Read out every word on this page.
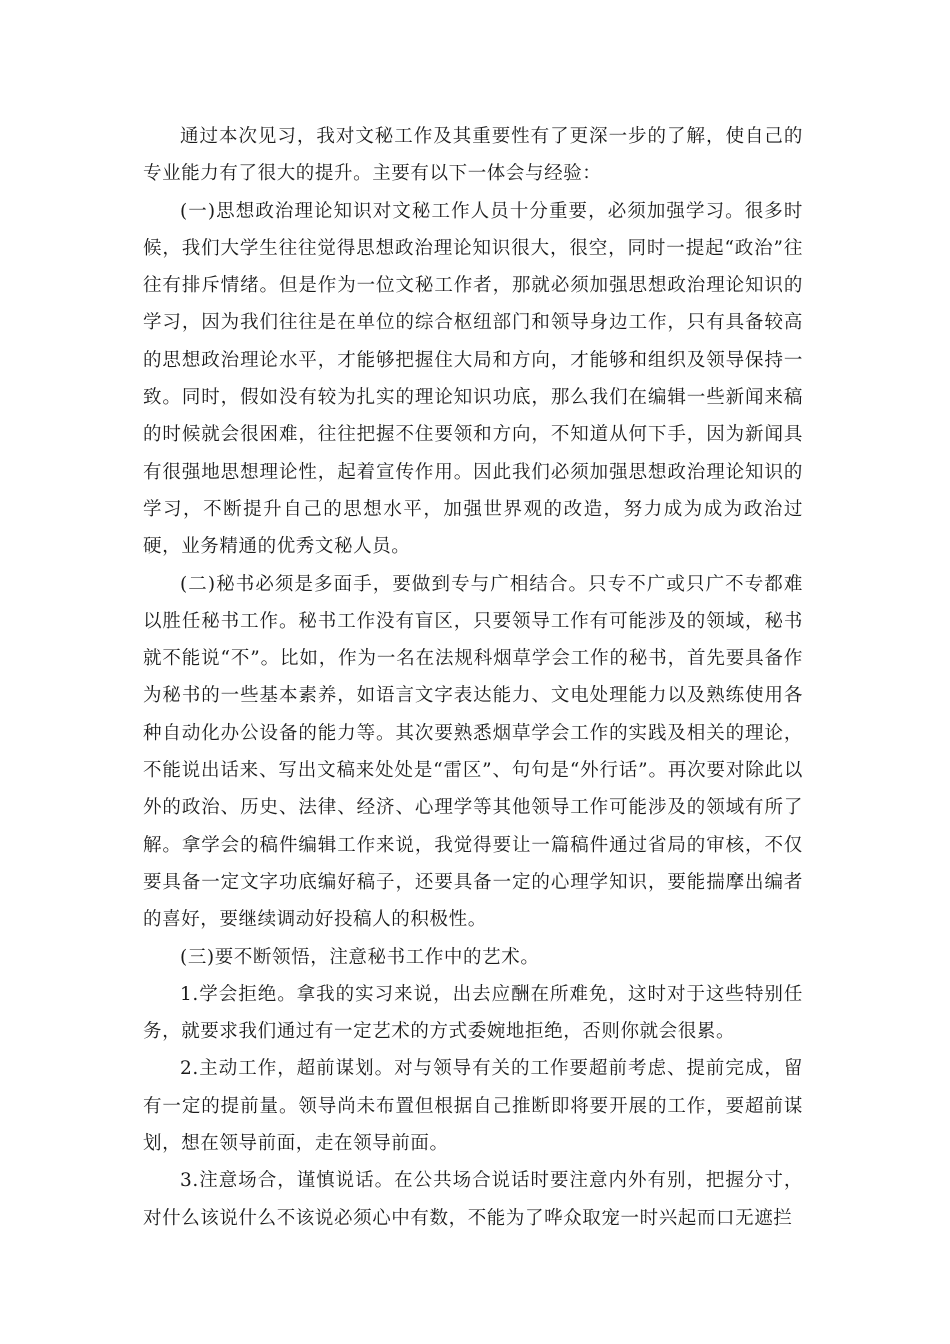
通过本次见习，我对文秘工作及其重要性有了更深一步的了解，使自己的专业能力有了很大的提升。主要有以下一体会与经验：

(一)思想政治理论知识对文秘工作人员十分重要，必须加强学习。很多时候，我们大学生往往觉得思想政治理论知识很大，很空，同时一提起“政治”往往有排斥情绪。但是作为一位文秘工作者，那就必须加强思想政治理论知识的学习，因为我们往往是在单位的综合枢纽部门和领导身边工作，只有具备较高的思想政治理论水平，才能够把握住大局和方向，才能够和组织及领导保持一致。同时，假如没有较为扎实的理论知识功底，那么我们在编辑一些新闻来稿的时候就会很困难，往往把握不住要领和方向，不知道从何下手，因为新闻具有很强地思想理论性，起着宣传作用。因此我们必须加强思想政治理论知识的学习，不断提升自己的思想水平，加强世界观的改造，努力成为成为政治过硬，业务精通的优秀文秘人员。

(二)秘书必须是多面手，要做到专与广相结合。只专不广或只广不专都难以胜任秘书工作。秘书工作没有盲区，只要领导工作有可能涉及的领域，秘书就不能说“不”。比如，作为一名在法规科烟草学会工作的秘书，首先要具备作为秘书的一些基本素养，如语言文字表达能力、文电处理能力以及熟练使用各种自动化办公设备的能力等。其次要熟悉烟草学会工作的实践及相关的理论，不能说出话来、写出文稿来处处是“雷区”、句句是“外行话”。再次要对除此以外的政治、历史、法律、经济、心理学等其他领导工作可能涉及的领域有所了解。拿学会的稿件编辑工作来说，我觉得要让一篇稿件通过省局的审核，不仅要具备一定文字功底编好稿子，还要具备一定的心理学知识，要能揣摩出编者的喜好，要继续调动好投稿人的积极性。

(三)要不断领悟，注意秘书工作中的艺术。

1.学会拒绝。拿我的实习来说，出去应酬在所难免，这时对于这些特别任务，就要求我们通过有一定艺术的方式委婉地拒绝，否则你就会很累。

2.主动工作，超前谋划。对与领导有关的工作要超前考虑、提前完成，留有一定的提前量。领导尚未布置但根据自己推断即将要开展的工作，要超前谋划，想在领导前面，走在领导前面。

3.注意场合，谨慎说话。在公共场合说话时要注意内外有别，把握分寸，对什么该说什么不该说必须心中有数，不能为了哗众取宠一时兴起而口无遮拦
